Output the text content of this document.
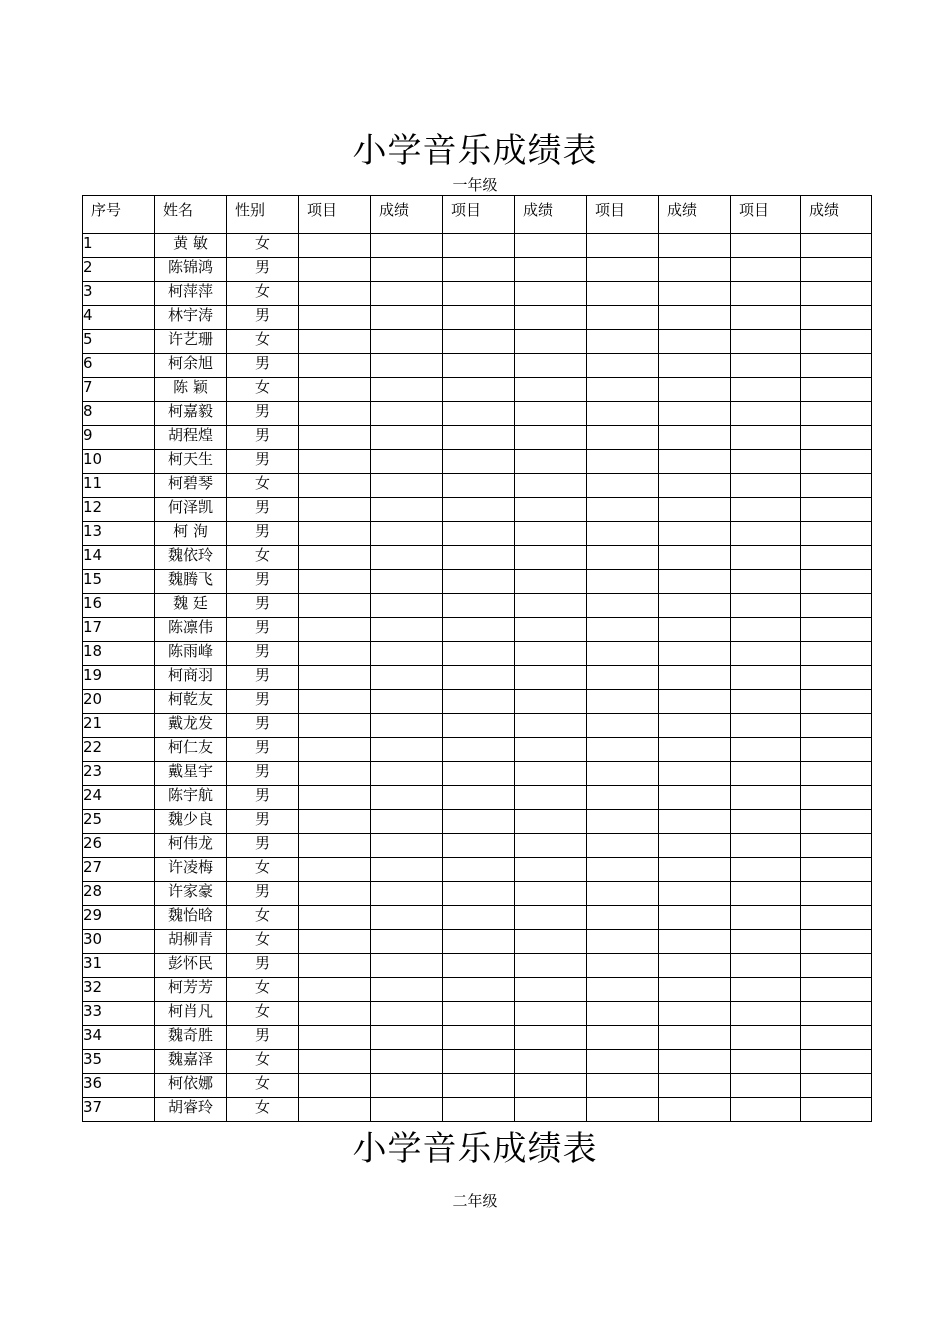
小学音乐成绩表
一年级
序号	姓名	性别	项目	成绩	项目	成绩	项目	成绩	项目	成绩
1	黄 敏	女								
2	陈锦鸿	男								
3	柯萍萍	女								
4	林宇涛	男								
5	许艺珊	女								
6	柯余旭	男								
7	陈 颖	女								
8	柯嘉毅	男								
9	胡程煌	男								
10	柯天生	男								
11	柯碧琴	女								
12	何泽凯	男								
13	柯 洵	男								
14	魏依玲	女								
15	魏腾飞	男								
16	魏 廷	男								
17	陈凛伟	男								
18	陈雨峰	男								
19	柯商羽	男								
20	柯乾友	男								
21	戴龙发	男								
22	柯仁友	男								
23	戴星宇	男								
24	陈宇航	男								
25	魏少良	男								
26	柯伟龙	男								
27	许凌梅	女								
28	许家豪	男								
29	魏怡晗	女								
30	胡柳青	女								
31	彭怀民	男								
32	柯芳芳	女								
33	柯肖凡	女								
34	魏奇胜	男								
35	魏嘉泽	女								
36	柯依娜	女								
37	胡睿玲	女								
小学音乐成绩表
二年级
